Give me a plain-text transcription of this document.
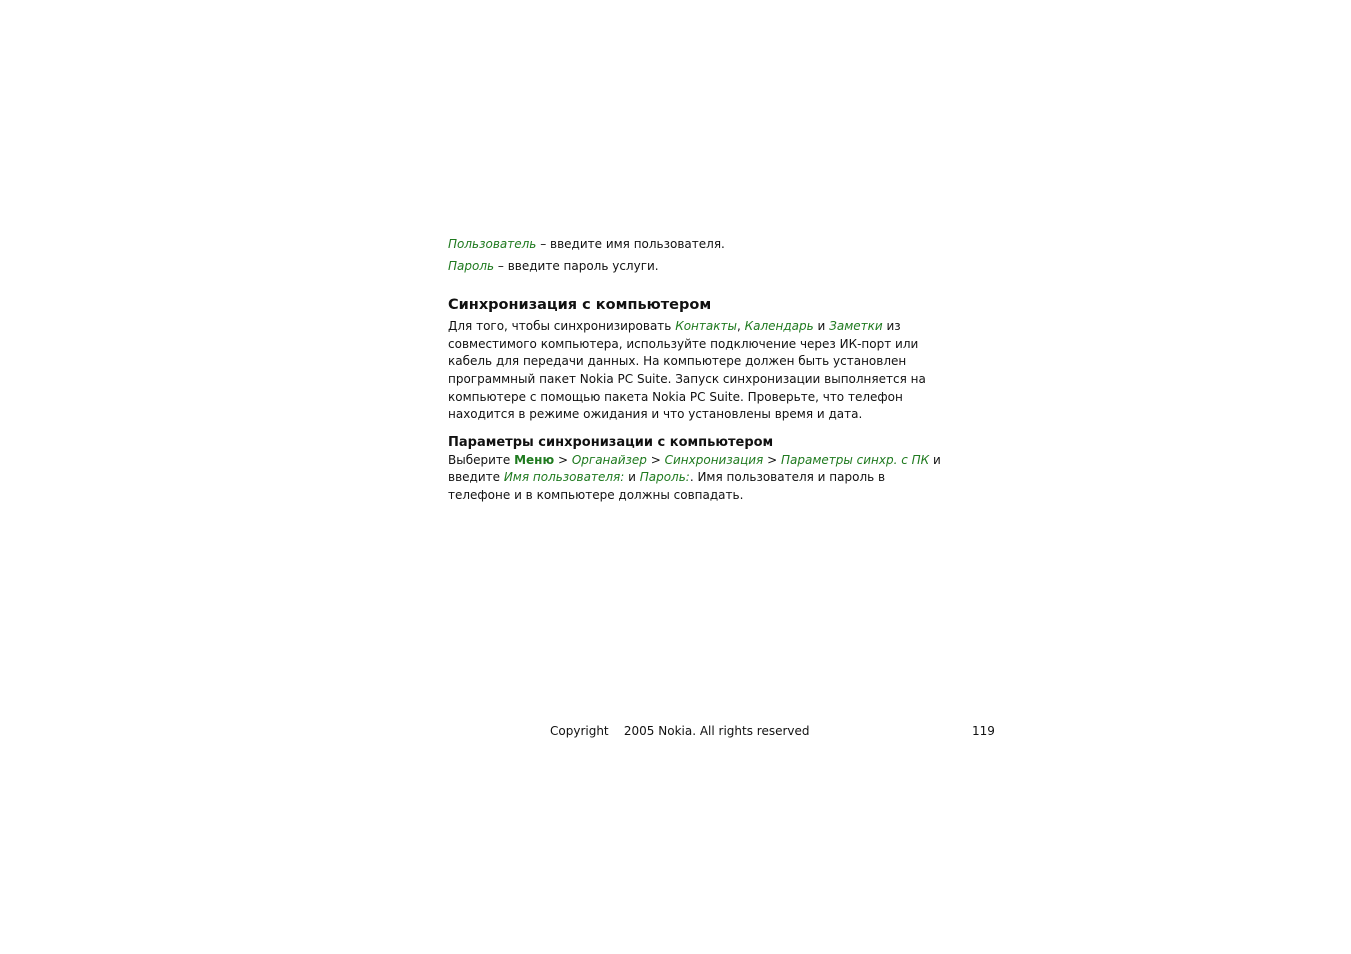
Пользователь – введите имя пользователя.
Пароль – введите пароль услуги.
Синхронизация с компьютером
Для того, чтобы синхронизировать Контакты, Календарь и Заметки из
совместимого компьютера, используйте подключение через ИК-порт или
кабель для передачи данных. На компьютере должен быть установлен
программный пакет Nokia PC Suite. Запуск синхронизации выполняется на
компьютере с помощью пакета Nokia PC Suite. Проверьте, что телефон
находится в режиме ожидания и что установлены время и дата.
Параметры синхронизации с компьютером
Выберите Меню > Органайзер > Синхронизация > Параметры синхр. с ПК и
введите Имя пользователя: и Пароль:. Имя пользователя и пароль в
телефоне и в компьютере должны совпадать.
Copyright    2005 Nokia. All rights reserved	119
